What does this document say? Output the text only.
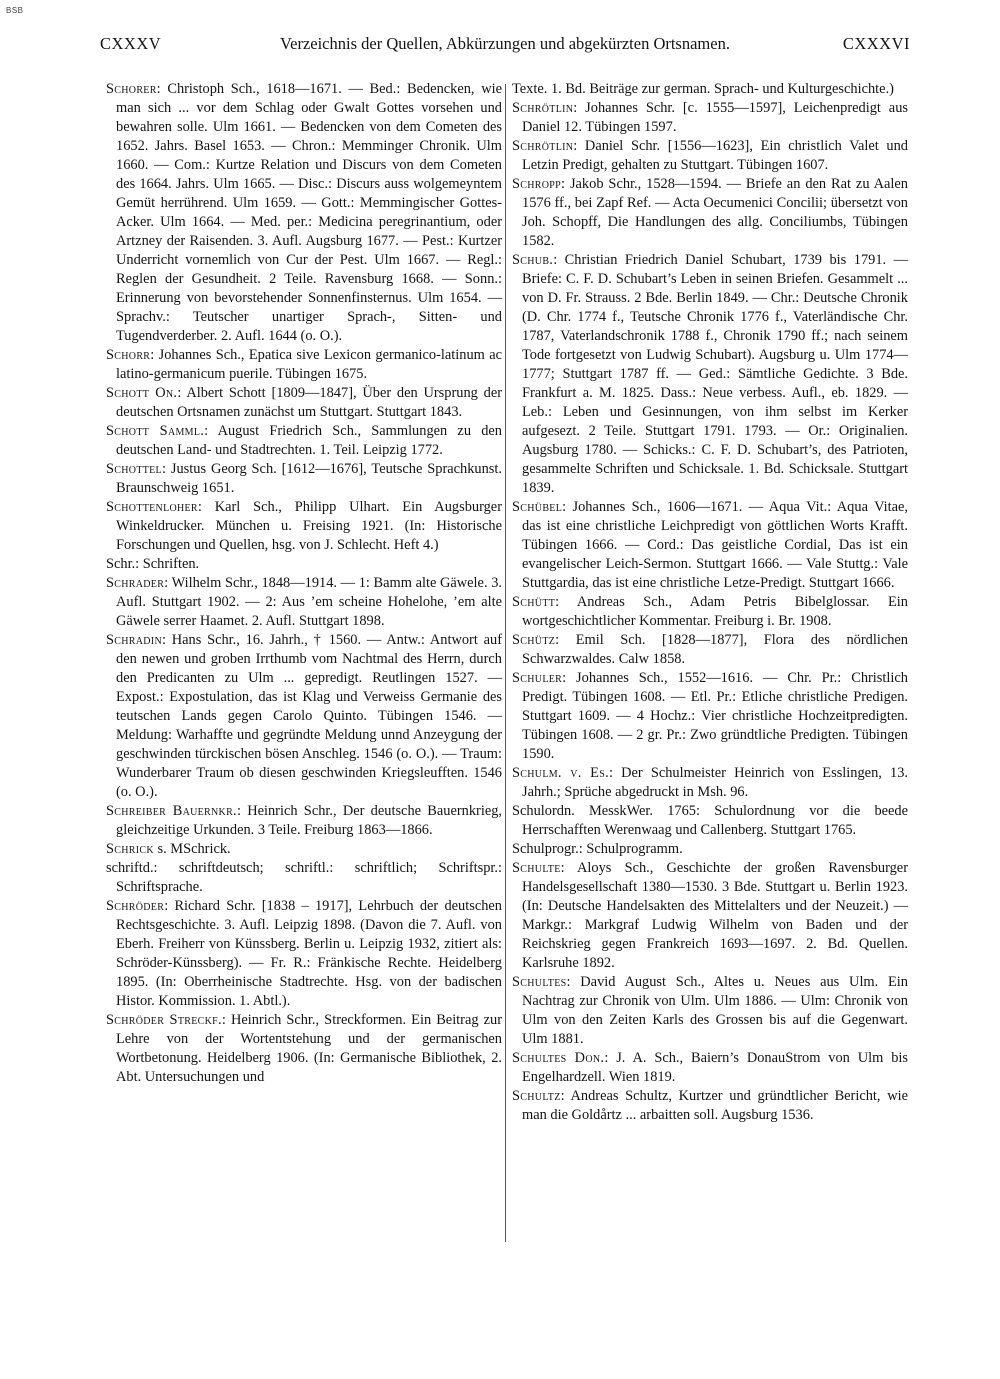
BSB
CXXXV	Verzeichnis der Quellen, Abkürzungen und abgekürzten Ortsnamen.	CXXXVI

Schorer: Christoph Sch., 1618—1671. — Bed.: Bedencken, wie man sich ... vor dem Schlag oder Gwalt Gottes vorsehen und bewahren solle. Ulm 1661. — Bedencken von dem Cometen des 1652. Jahrs. Basel 1653. — Chron.: Memminger Chronik. Ulm 1660. — Com.: Kurtze Relation und Discurs von dem Cometen des 1664. Jahrs. Ulm 1665. — Disc.: Discurs auss wolgemeyntem Gemüt herrührend. Ulm 1659. — Gott.: Memmingischer Gottes-Acker. Ulm 1664. — Med. per.: Medicina peregrinantium, oder Artzney der Raisenden. 3. Aufl. Augsburg 1677. — Pest.: Kurtzer Underricht vornemlich von Cur der Pest. Ulm 1667. — Regl.: Reglen der Gesundheit. 2 Teile. Ravensburg 1668. — Sonn.: Erinnerung von bevorstehender Sonnenfinsternus. Ulm 1654. — Sprachv.: Teutscher unartiger Sprach-, Sitten- und Tugendverderber. 2. Aufl. 1644 (o. O.).

Schorr: Johannes Sch., Epatica sive Lexicon germanico-latinum ac latino-germanicum puerile. Tübingen 1675.

Schott On.: Albert Schott [1809—1847], Über den Ursprung der deutschen Ortsnamen zunächst um Stuttgart. Stuttgart 1843.

Schott Samml.: August Friedrich Sch., Sammlungen zu den deutschen Land- und Stadtrechten. 1. Teil. Leipzig 1772.

Schottel: Justus Georg Sch. [1612—1676], Teutsche Sprachkunst. Braunschweig 1651.

Schottenloher: Karl Sch., Philipp Ulhart. Ein Augsburger Winkeldrucker. München u. Freising 1921. (In: Historische Forschungen und Quellen, hsg. von J. Schlecht. Heft 4.)

Schr.: Schriften.

Schrader: Wilhelm Schr., 1848—1914. — 1: Bamm alte Gäwele. 3. Aufl. Stuttgart 1902. — 2: Aus ’em scheine Hohelohe, ’em alte Gäwele serrer Haamet. 2. Aufl. Stuttgart 1898.

Schradin: Hans Schr., 16. Jahrh., † 1560. — Antw.: Antwort auf den newen und groben Irrthumb vom Nachtmal des Herrn, durch den Predicanten zu Ulm ... gepredigt. Reutlingen 1527. — Expost.: Expostulation, das ist Klag und Verweiss Germanie des teutschen Lands gegen Carolo Quinto. Tübingen 1546. — Meldung: Warhaffte und gegründte Meldung unnd Anzeygung der geschwinden türckischen bösen Anschleg. 1546 (o. O.). — Traum: Wunderbarer Traum ob diesen geschwinden Kriegsleufften. 1546 (o. O.).

Schreiber Bauernkr.: Heinrich Schr., Der deutsche Bauernkrieg, gleichzeitige Urkunden. 3 Teile. Freiburg 1863—1866.

Schrick s. MSchrick.

schriftd.: schriftdeutsch; schriftl.: schriftlich; Schriftspr.: Schriftsprache.

Schröder: Richard Schr. [1838 – 1917], Lehrbuch der deutschen Rechtsgeschichte. 3. Aufl. Leipzig 1898. (Davon die 7. Aufl. von Eberh. Freiherr von Künssberg. Berlin u. Leipzig 1932, zitiert als: Schröder-Künssberg). — Fr. R.: Fränkische Rechte. Heidelberg 1895. (In: Oberrheinische Stadtrechte. Hsg. von der badischen Histor. Kommission. 1. Abtl.).

Schröder Streckf.: Heinrich Schr., Streckformen. Ein Beitrag zur Lehre von der Wortentstehung und der germanischen Wortbetonung. Heidelberg 1906. (In: Germanische Bibliothek, 2. Abt. Untersuchungen und

Texte. 1. Bd. Beiträge zur german. Sprach- und Kulturgeschichte.)

Schrötlin: Johannes Schr. [c. 1555—1597], Leichenpredigt aus Daniel 12. Tübingen 1597.

Schrötlin: Daniel Schr. [1556—1623], Ein christlich Valet und Letzin Predigt, gehalten zu Stuttgart. Tübingen 1607.

Schropp: Jakob Schr., 1528—1594. — Briefe an den Rat zu Aalen 1576 ff., bei Zapf Ref. — Acta Oecumenici Concilii; übersetzt von Joh. Schopff, Die Handlungen des allg. Conciliumbs, Tübingen 1582.

Schub.: Christian Friedrich Daniel Schubart, 1739 bis 1791. — Briefe: C. F. D. Schubart’s Leben in seinen Briefen. Gesammelt ... von D. Fr. Strauss. 2 Bde. Berlin 1849. — Chr.: Deutsche Chronik (D. Chr. 1774 f., Teutsche Chronik 1776 f., Vaterländische Chr. 1787, Vaterlandschronik 1788 f., Chronik 1790 ff.; nach seinem Tode fortgesetzt von Ludwig Schubart). Augsburg u. Ulm 1774—1777; Stuttgart 1787 ff. — Ged.: Sämtliche Gedichte. 3 Bde. Frankfurt a. M. 1825. Dass.: Neue verbess. Aufl., eb. 1829. — Leb.: Leben und Gesinnungen, von ihm selbst im Kerker aufgesezt. 2 Teile. Stuttgart 1791. 1793. — Or.: Originalien. Augsburg 1780. — Schicks.: C. F. D. Schubart’s, des Patrioten, gesammelte Schriften und Schicksale. 1. Bd. Schicksale. Stuttgart 1839.

Schübel: Johannes Sch., 1606—1671. — Aqua Vit.: Aqua Vitae, das ist eine christliche Leichpredigt von göttlichen Worts Krafft. Tübingen 1666. — Cord.: Das geistliche Cordial, Das ist ein evangelischer Leich-Sermon. Stuttgart 1666. — Vale Stuttg.: Vale Stuttgardia, das ist eine christliche Letze-Predigt. Stuttgart 1666.

Schütt: Andreas Sch., Adam Petris Bibelglossar. Ein wortgeschichtlicher Kommentar. Freiburg i. Br. 1908.

Schütz: Emil Sch. [1828—1877], Flora des nördlichen Schwarzwaldes. Calw 1858.

Schuler: Johannes Sch., 1552—1616. — Chr. Pr.: Christlich Predigt. Tübingen 1608. — Etl. Pr.: Etliche christliche Predigen. Stuttgart 1609. — 4 Hochz.: Vier christliche Hochzeitpredigten. Tübingen 1608. — 2 gr. Pr.: Zwo gründtliche Predigten. Tübingen 1590.

Schulm. v. Es.: Der Schulmeister Heinrich von Esslingen, 13. Jahrh.; Sprüche abgedruckt in Msh. 96.

Schulordn. MesskWer. 1765: Schulordnung vor die beede Herrschafften Werenwaag und Callenberg. Stuttgart 1765.

Schulprogr.: Schulprogramm.

Schulte: Aloys Sch., Geschichte der großen Ravensburger Handelsgesellschaft 1380—1530. 3 Bde. Stuttgart u. Berlin 1923. (In: Deutsche Handelsakten des Mittelalters und der Neuzeit.) — Markgr.: Markgraf Ludwig Wilhelm von Baden und der Reichskrieg gegen Frankreich 1693—1697. 2. Bd. Quellen. Karlsruhe 1892.

Schultes: David August Sch., Altes u. Neues aus Ulm. Ein Nachtrag zur Chronik von Ulm. Ulm 1886. — Ulm: Chronik von Ulm von den Zeiten Karls des Grossen bis auf die Gegenwart. Ulm 1881.

Schultes Don.: J. A. Sch., Baiern’s DonauStrom von Ulm bis Engelhardzell. Wien 1819.

Schultz: Andreas Schultz, Kurtzer und gründtlicher Bericht, wie man die Goldårtz ... arbaitten soll. Augsburg 1536.
